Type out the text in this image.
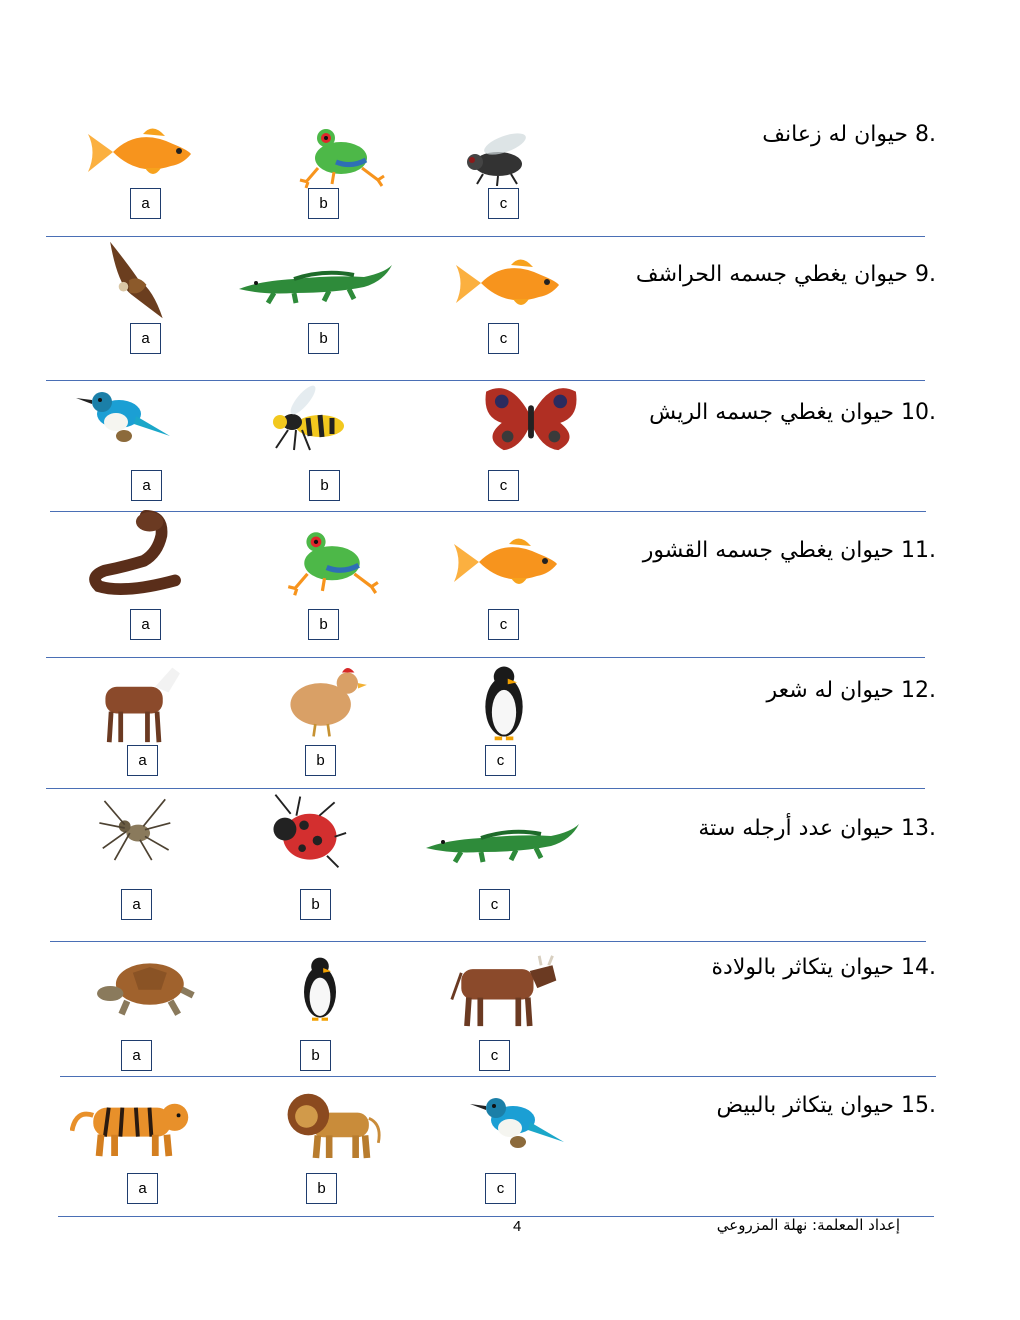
8. حيوان له زعانف
a	b	c
9. حيوان يغطي جسمه الحراشف
a	b	c
10. حيوان يغطي جسمه الريش
a	b	c
11. حيوان يغطي جسمه القشور
a	b	c
12. حيوان له شعر
a	b	c
13. حيوان عدد أرجله ستة
a	b	c
14. حيوان يتكاثر بالولادة
a	b	c
15. حيوان يتكاثر بالبيض
a	b	c
4	إعداد المعلمة: نهلة المزروعي
